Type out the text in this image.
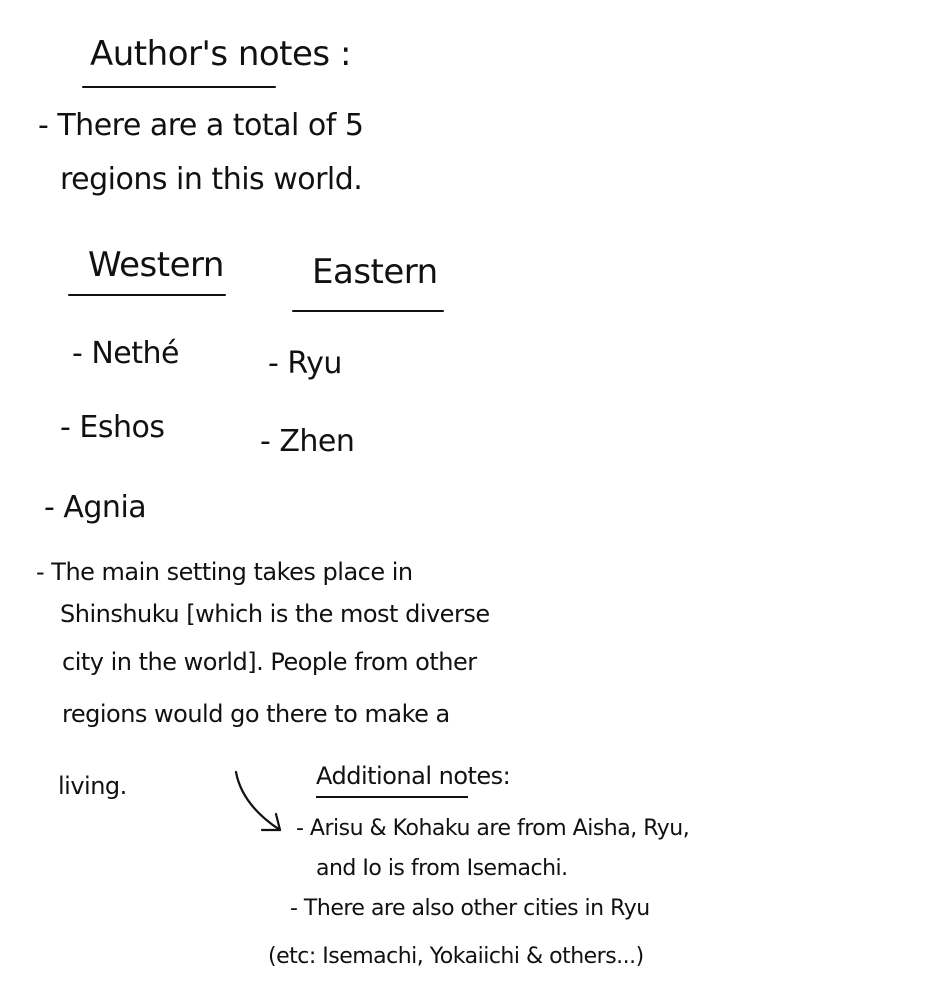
Author's notes :
- There are a total of 5
regions in this world.
Western	Eastern
- Nethé
- Eshos
- Agnia
- Ryu
- Zhen
- The main setting takes place in
Shinshuku [which is the most diverse
city in the world]. People from other
regions would go there to make a
living.	Additional notes:
- Arisu & Kohaku are from Aisha, Ryu,
and Io is from Isemachi.
- There are also other cities in Ryu
(etc: Isemachi, Yokaiichi & others...)
